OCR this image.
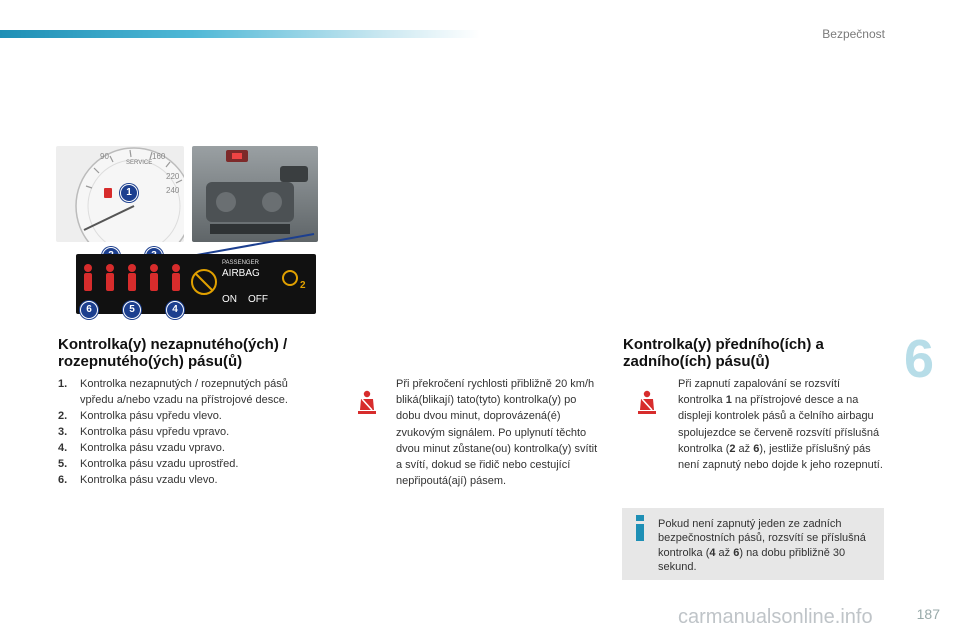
Bezpečnost
6
SERVICE
90	160
220
240
1
PASSENGER
AIRBAG
ON OFF
2
6	5	4
Kontrolka(y) nezapnutého(ých) /
rozepnutého(ých) pásu(ů)
1.	Kontrolka nezapnutých / rozepnutých pásů vpředu a/nebo vzadu na přístrojové desce.
2.	Kontrolka pásu vpředu vlevo.
3.	Kontrolka pásu vpředu vpravo.
4.	Kontrolka pásu vzadu vpravo.
5.	Kontrolka pásu vzadu uprostřed.
6.	Kontrolka pásu vzadu vlevo.

Při překročení rychlosti přibližně 20 km/h bliká(blikají) tato(tyto) kontrolka(y) po dobu dvou minut, doprovázená(é) zvukovým signálem. Po uplynutí těchto dvou minut zůstane(ou) kontrolka(y) svítit a svítí, dokud se řidič nebo cestující nepřipoutá(ají) pásem.

Kontrolka(y) předního(ích) a
zadního(ích) pásu(ů)

Při zapnutí zapalování se rozsvítí kontrolka 1 na přístrojové desce a na displeji kontrolek pásů a čelního airbagu spolujezdce se červeně rozsvítí příslušná kontrolka (2 až 6), jestliže příslušný pás není zapnutý nebo dojde k jeho rozepnutí.

Pokud není zapnutý jeden ze zadních bezpečnostních pásů, rozsvítí se příslušná kontrolka (4 až 6) na dobu přibližně 30 sekund.

carmanualsonline.info	187
